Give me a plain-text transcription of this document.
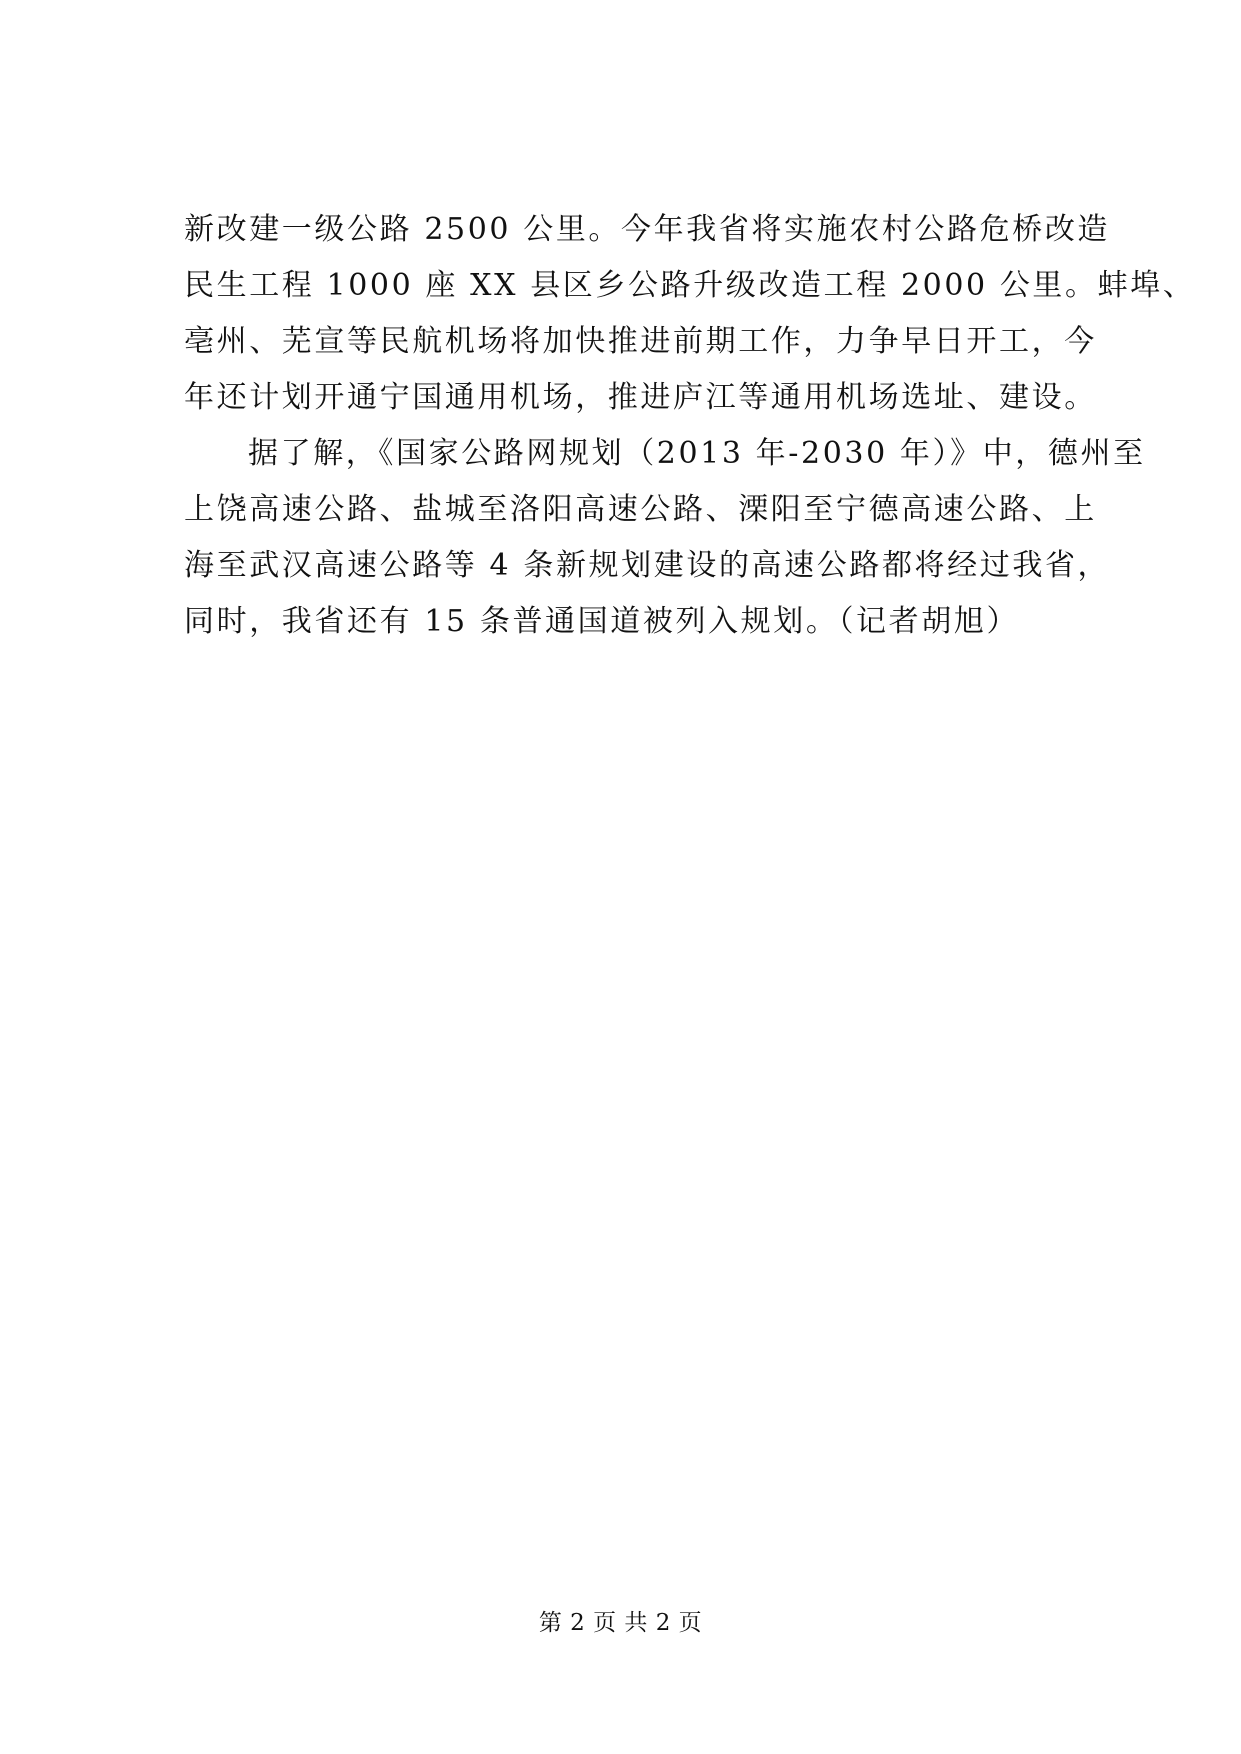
新改建一级公路 2500 公里。今年我省将实施农村公路危桥改造
民生工程 1000 座 XX 县区乡公路升级改造工程 2000 公里。蚌埠、
亳州、芜宣等民航机场将加快推进前期工作，力争早日开工，今
年还计划开通宁国通用机场，推进庐江等通用机场选址、建设。
据了解，《国家公路网规划（2013 年-2030 年）》中，德州至
上饶高速公路、盐城至洛阳高速公路、溧阳至宁德高速公路、上
海至武汉高速公路等 4 条新规划建设的高速公路都将经过我省，
同时，我省还有 15 条普通国道被列入规划。（记者胡旭）
第 2 页 共 2 页
